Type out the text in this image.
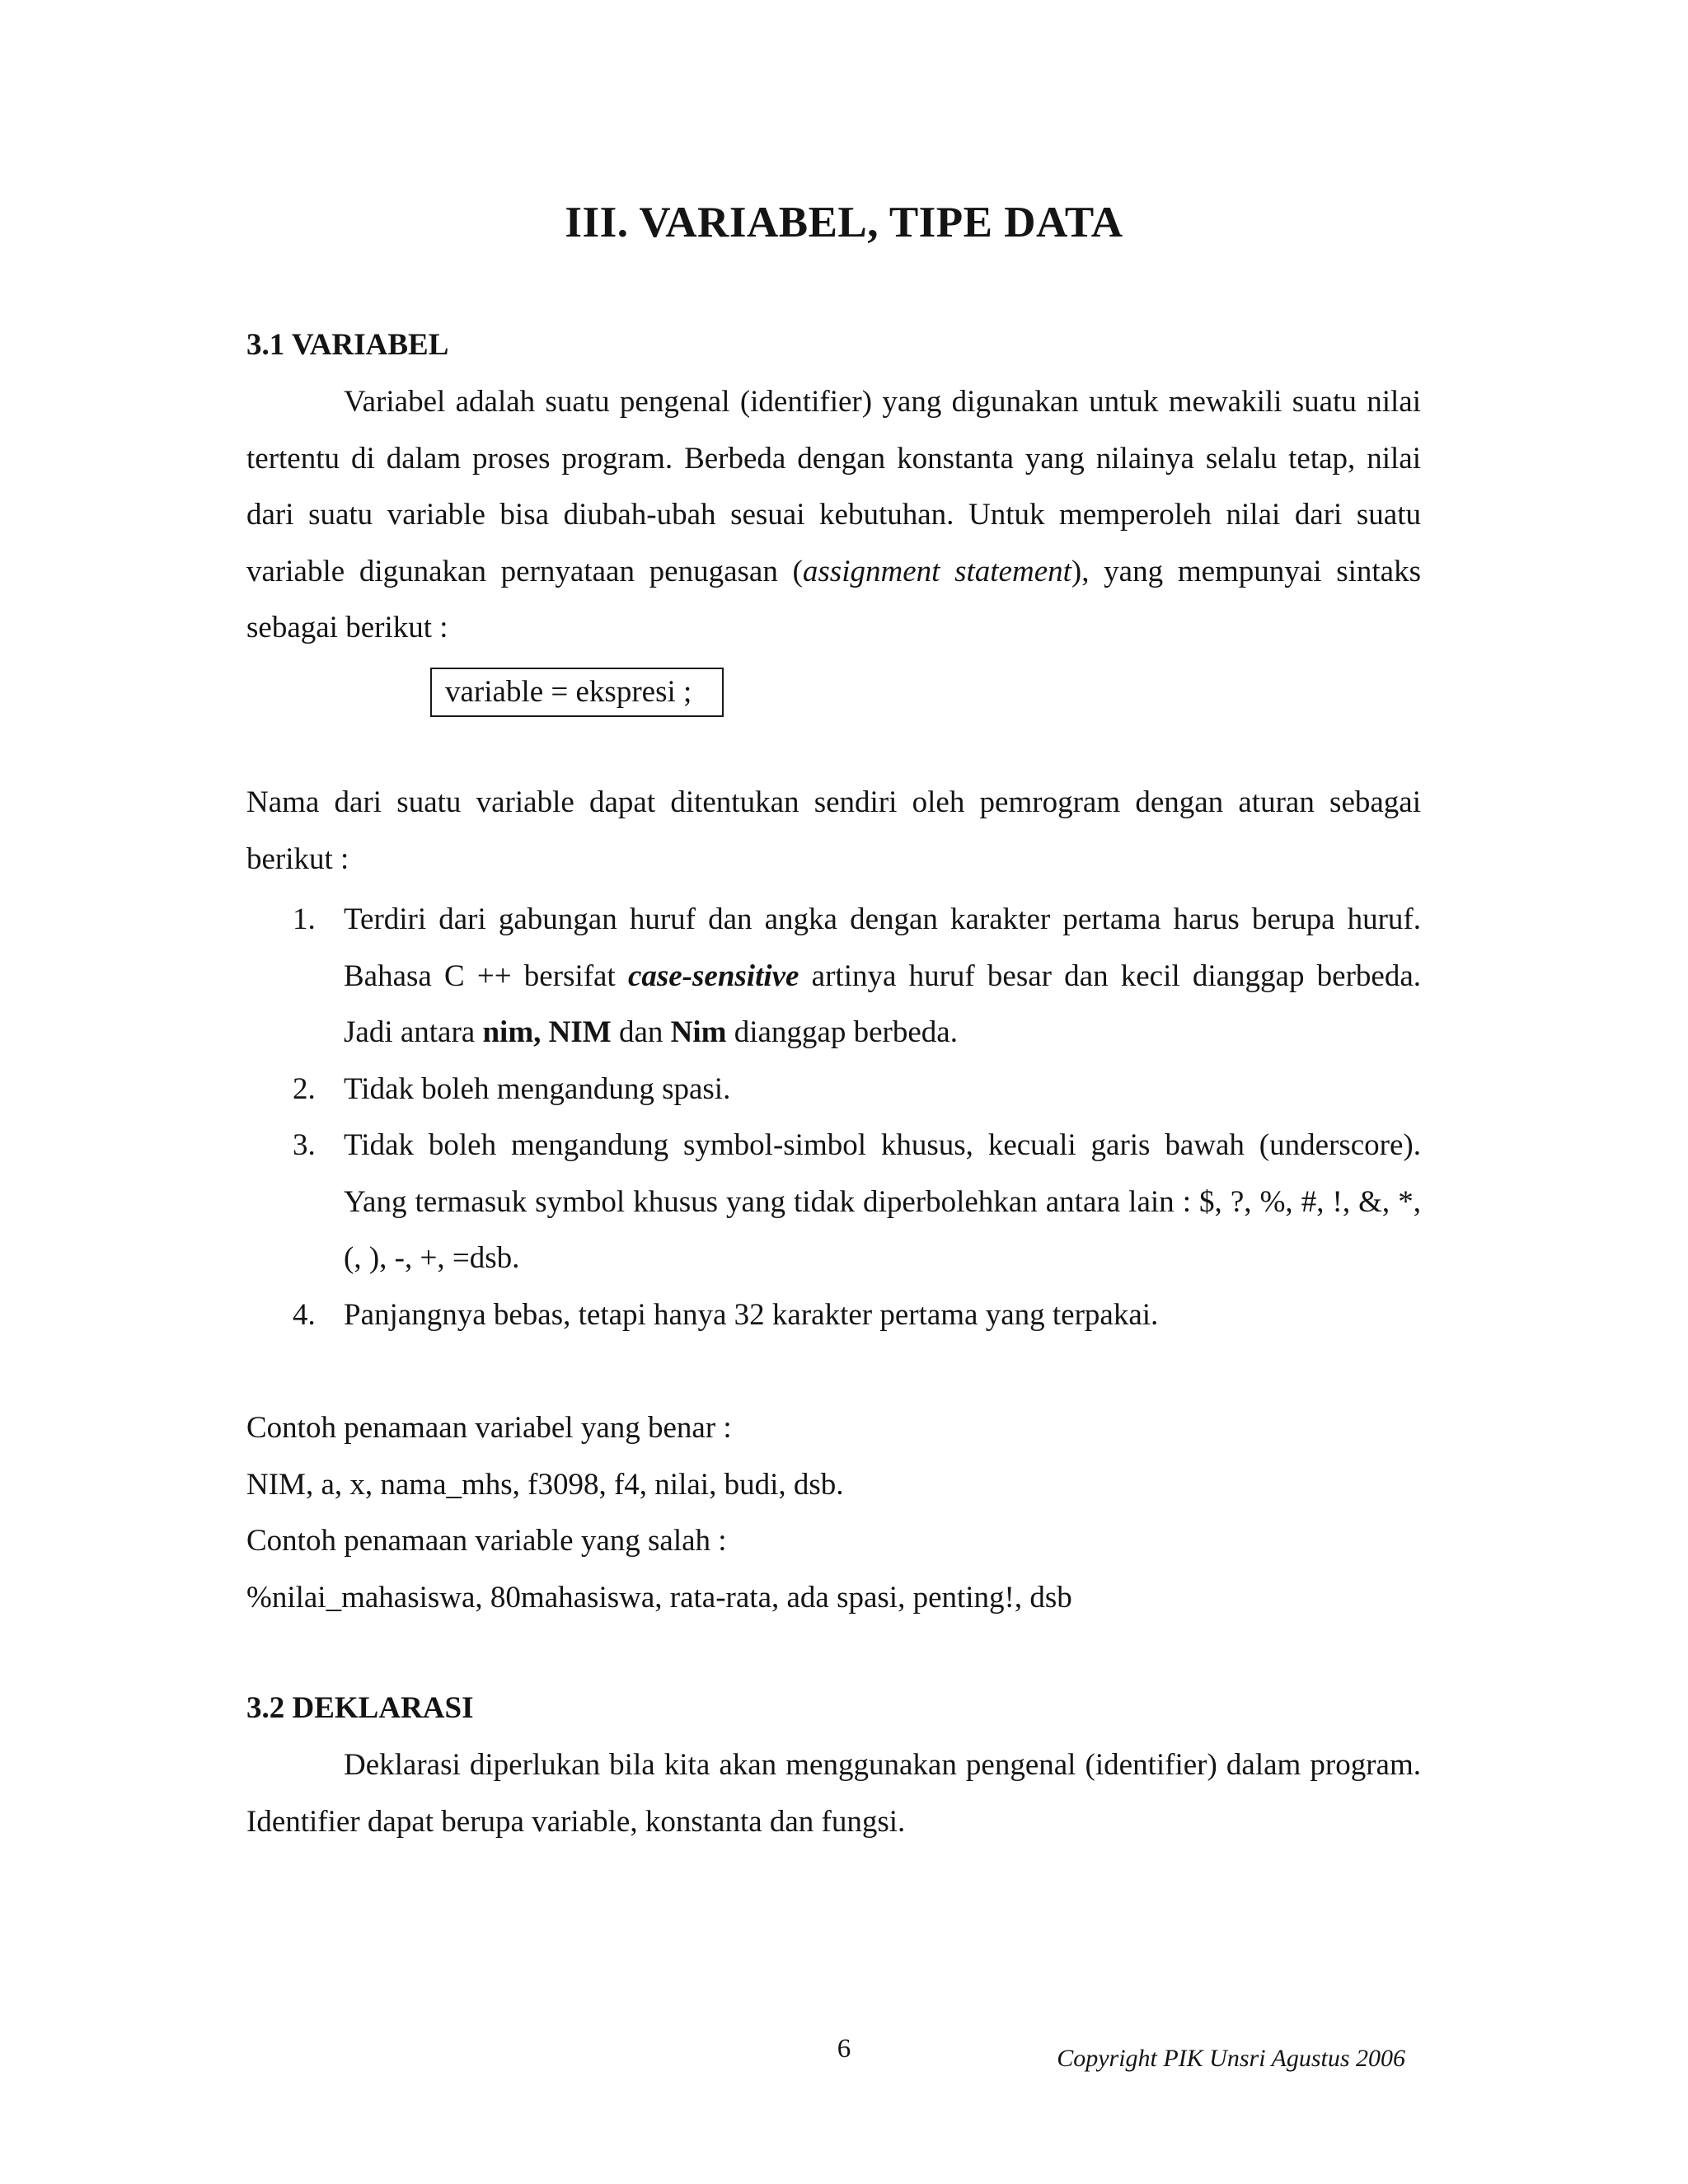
III. VARIABEL, TIPE DATA
3.1 VARIABEL

Variabel adalah suatu pengenal (identifier) yang digunakan untuk mewakili suatu nilai tertentu di dalam proses program. Berbeda dengan konstanta yang nilainya selalu tetap, nilai dari suatu variable bisa diubah-ubah sesuai kebutuhan. Untuk memperoleh nilai dari suatu variable digunakan pernyataan penugasan (assignment statement), yang mempunyai sintaks sebagai berikut :

variable = ekspresi ;

Nama dari suatu variable dapat ditentukan sendiri oleh pemrogram dengan aturan sebagai berikut :

1. Terdiri dari gabungan huruf dan angka dengan karakter pertama harus berupa huruf. Bahasa C ++ bersifat case-sensitive artinya huruf besar dan kecil dianggap berbeda. Jadi antara nim, NIM dan Nim dianggap berbeda.
2. Tidak boleh mengandung spasi.
3. Tidak boleh mengandung symbol-simbol khusus, kecuali garis bawah (underscore). Yang termasuk symbol khusus yang tidak diperbolehkan antara lain : $, ?, %, #, !, &, *, (, ), -, +, =dsb.
4. Panjangnya bebas, tetapi hanya 32 karakter pertama yang terpakai.

Contoh penamaan variabel yang benar :

NIM, a, x, nama_mhs, f3098, f4, nilai, budi, dsb.

Contoh penamaan variable yang salah :

%nilai_mahasiswa, 80mahasiswa, rata-rata, ada spasi, penting!, dsb

3.2 DEKLARASI

Deklarasi diperlukan bila kita akan menggunakan pengenal (identifier) dalam program. Identifier dapat berupa variable, konstanta dan fungsi.

6	Copyright PIK Unsri Agustus 2006
